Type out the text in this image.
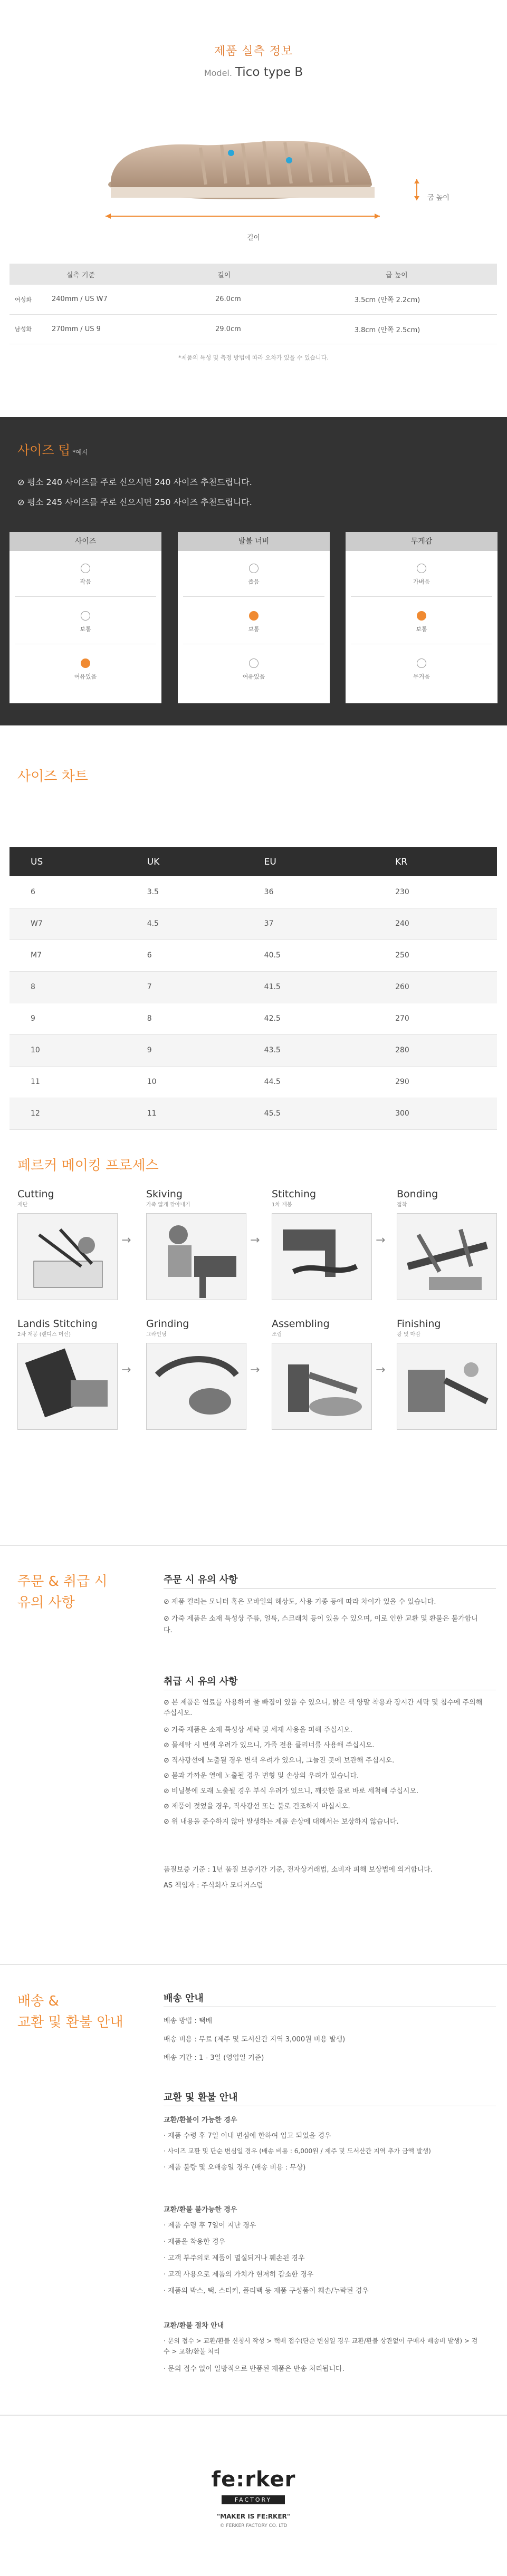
제품 실측 정보
Model. Tico type B
굽 높이
길이
실측 기준		길이	굽 높이
여성화	240mm / US W7	26.0cm	3.5cm (안쪽 2.2cm)
남성화	270mm / US 9	29.0cm	3.8cm (안쪽 2.5cm)
*제품의 특성 및 측정 방법에 따라 오차가 있을 수 있습니다.
사이즈 팁 *예시
⊘ 평소 240 사이즈를 주로 신으시면 240 사이즈 추천드립니다.
⊘ 평소 245 사이즈를 주로 신으시면 250 사이즈 추천드립니다.
사이즈
작음
보통
여유있음
발볼 너비
좁음
보통
여유있음
무게감
가벼움
보통
무거움
사이즈 차트
US	UK	EU	KR
6	3.5	36	230
W7	4.5	37	240
M7	6	40.5	250
8	7	41.5	260
9	8	42.5	270
10	9	43.5	280
11	10	44.5	290
12	11	45.5	300
페르커 메이킹 프로세스
Cutting
재단
→
Skiving
가죽 얇게 깎아내기
→
Stitching
1차 재봉
→
Bonding
접착
Landis Stitching
2차 재봉 (랜디스 머신)
→
Grinding
그라인딩
→
Assembling
조립
→
Finishing
광 및 마감
주문 & 취급 시
유의 사항
주문 시 유의 사항
⊘ 제품 컬러는 모니터 혹은 모바일의 해상도, 사용 기종 등에 따라 차이가 있을 수 있습니다.
⊘ 가죽 제품은 소재 특성상 주름, 얼룩, 스크래치 등이 있을 수 있으며, 이로 인한 교환 및 환불은 불가합니다.
취급 시 유의 사항
⊘ 본 제품은 염료를 사용하여 물 빠짐이 있을 수 있으니, 밝은 색 양말 착용과 장시간 세탁 및 침수에 주의해 주십시오.
⊘ 가죽 제품은 소재 특성상 세탁 및 세제 사용을 피해 주십시오.
⊘ 물세탁 시 변색 우려가 있으니, 가죽 전용 클리너를 사용해 주십시오.
⊘ 직사광선에 노출될 경우 변색 우려가 있으니, 그늘진 곳에 보관해 주십시오.
⊘ 불과 가까운 열에 노출될 경우 변형 및 손상의 우려가 있습니다.
⊘ 비닐봉에 오래 노출될 경우 부식 우려가 있으니, 깨끗한 물로 바로 세척해 주십시오.
⊘ 제품이 젖었을 경우, 직사광선 또는 불로 건조하지 마십시오.
⊘ 위 내용을 준수하지 않아 발생하는 제품 손상에 대해서는 보상하지 않습니다.
품질보증 기준 : 1년 품질 보증기간 기준, 전자상거래법, 소비자 피해 보상법에 의거합니다.
AS 책임자 : 주식회사 모디커스텀
배송 &
교환 및 환불 안내
배송 안내
배송 방법 : 택배
배송 비용 : 무료 (제주 및 도서산간 지역 3,000원 비용 발생)
배송 기간 : 1 - 3일 (영업일 기준)
교환 및 환불 안내
교환/환불이 가능한 경우
· 제품 수령 후 7일 이내 변심에 한하여 입고 되었을 경우
· 사이즈 교환 및 단순 변심일 경우 (배송 비용 : 6,000원 / 제주 및 도서산간 지역 추가 금액 발생)
· 제품 불량 및 오배송일 경우 (배송 비용 : 무상)
교환/환불 불가능한 경우
· 제품 수령 후 7일이 지난 경우
· 제품을 착용한 경우
· 고객 부주의로 제품이 멸실되거나 훼손된 경우
· 고객 사용으로 제품의 가치가 현저히 감소한 경우
· 제품의 박스, 택, 스티커, 폴리백 등 제품 구성품이 훼손/누락된 경우
교환/환불 절차 안내
· 문의 접수 > 교환/환불 신청서 작성 > 택배 접수(단순 변심일 경우 교환/환불 상관없이 구매자 배송비 발생) > 검수 > 교환/환불 처리
· 문의 접수 없이 일방적으로 반품된 제품은 반송 처리됩니다.
fe:rker
FACTORY
"MAKER IS FE:RKER"
© FERKER FACTORY CO. LTD
